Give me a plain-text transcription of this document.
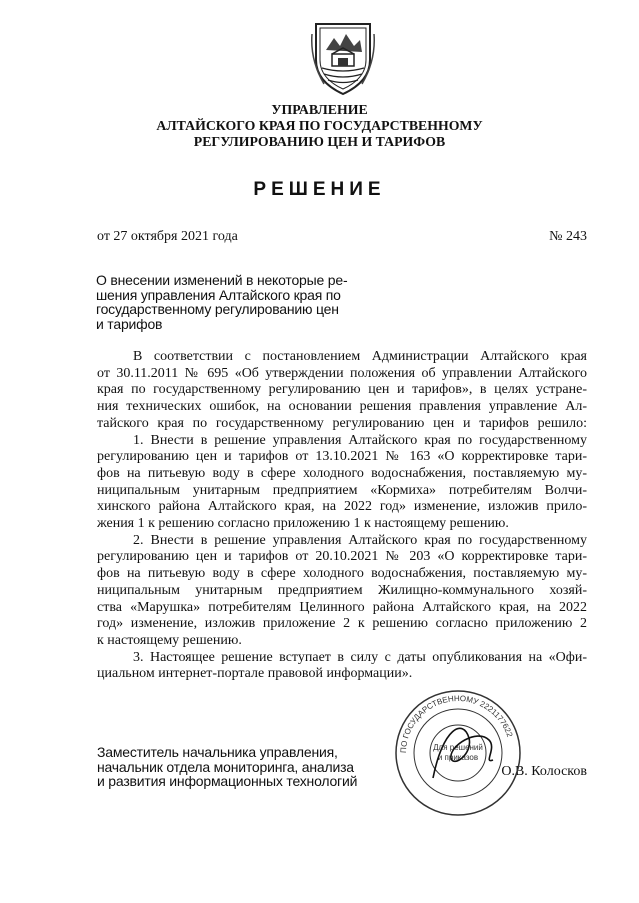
УПРАВЛЕНИЕ
АЛТАЙСКОГО КРАЯ ПО ГОСУДАРСТВЕННОМУ
РЕГУЛИРОВАНИЮ ЦЕН И ТАРИФОВ
РЕШЕНИЕ
от 27 октября 2021 года	№ 243
О внесении изменений в некоторые ре-
шения управления Алтайского края по
государственному регулированию цен
и тарифов
В соответствии с постановлением Администрации Алтайского края
от 30.11.2011 № 695 «Об утверждении положения об управлении Алтайского
края по государственному регулированию цен и тарифов», в целях устране-
ния технических ошибок, на основании решения правления управление Ал-
тайского края по государственному регулированию цен и тарифов решило:
1. Внести в решение управления Алтайского края по государственному
регулированию цен и тарифов от 13.10.2021 № 163 «О корректировке тари-
фов на питьевую воду в сфере холодного водоснабжения, поставляемую му-
ниципальным унитарным предприятием «Кормиха» потребителям Волчи-
хинского района Алтайского края, на 2022 год» изменение, изложив прило-
жения 1 к решению согласно приложению 1 к настоящему решению.
2. Внести в решение управления Алтайского края по государственному
регулированию цен и тарифов от 20.10.2021 № 203 «О корректировке тари-
фов на питьевую воду в сфере холодного водоснабжения, поставляемую му-
ниципальным унитарным предприятием Жилищно-коммунального хозяй-
ства «Марушка» потребителям Целинного района Алтайского края, на 2022
год» изменение, изложив приложение 2 к решению согласно приложению 2
к настоящему решению.
3. Настоящее решение вступает в силу с даты опубликования на «Офи-
циальном интернет-портале правовой информации».
Заместитель начальника управления,
начальник отдела мониторинга, анализа
и развития информационных технологий
О.В. Колосков
ПО ГОСУДАРСТВЕННОМУ 2221177622
Для решений
и приказов
